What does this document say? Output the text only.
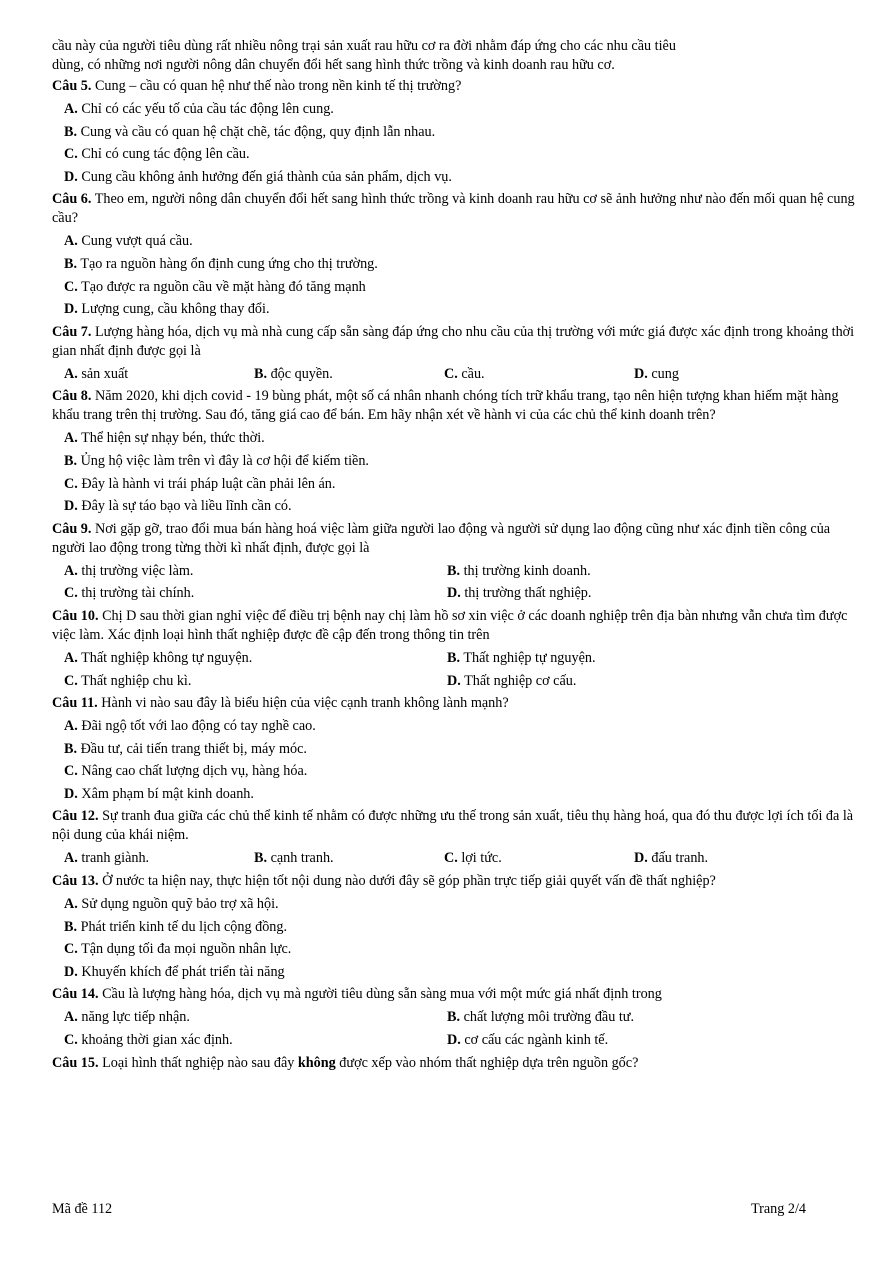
cầu này của người tiêu dùng rất nhiều nông trại sản xuất rau hữu cơ ra đời nhằm đáp ứng cho các nhu cầu tiêu

dùng, có những nơi người nông dân chuyển đổi hết sang hình thức trồng và kinh doanh rau hữu cơ.

Câu 5. Cung – cầu có quan hệ như thế nào trong nền kinh tế thị trường?

A. Chỉ có các yếu tố của cầu tác động lên cung.

B. Cung và cầu có quan hệ chặt chẽ, tác động, quy định lẫn nhau.

C. Chỉ có cung tác động lên cầu.

D. Cung cầu không ảnh hưởng đến giá thành của sản phẩm, dịch vụ.

Câu 6. Theo em, người nông dân chuyển đổi hết sang hình thức trồng và kinh doanh rau hữu cơ sẽ ảnh hưởng như nào đến mối quan hệ cung cầu?

A. Cung vượt quá cầu.

B. Tạo ra nguồn hàng ổn định cung ứng cho thị trường.

C. Tạo được ra nguồn cầu về mặt hàng đó tăng mạnh

D. Lượng cung, cầu không thay đổi.

Câu 7. Lượng hàng hóa, dịch vụ mà nhà cung cấp sẵn sàng đáp ứng cho nhu cầu của thị trường với mức giá được xác định trong khoảng thời gian nhất định được gọi là

A. sản xuất	B. độc quyền.	C. cầu.	D. cung

Câu 8. Năm 2020, khi dịch covid - 19 bùng phát, một số cá nhân nhanh chóng tích trữ khẩu trang, tạo nên hiện tượng khan hiếm mặt hàng khẩu trang trên thị trường. Sau đó, tăng giá cao để bán. Em hãy nhận xét về hành vi của các chủ thể kinh doanh trên?

A. Thể hiện sự nhạy bén, thức thời.

B. Ủng hộ việc làm trên vì đây là cơ hội để kiếm tiền.

C. Đây là hành vi trái pháp luật cần phải lên án.

D. Đây là sự táo bạo và liều lĩnh cần có.

Câu 9. Nơi gặp gỡ, trao đổi mua bán hàng hoá việc làm giữa người lao động và người sử dụng lao động cũng như xác định tiền công của người lao động trong từng thời kì nhất định, được gọi là

A. thị trường việc làm.	B. thị trường kinh doanh.
C. thị trường tài chính.	D. thị trường thất nghiệp.

Câu 10. Chị D sau thời gian nghỉ việc để điều trị bệnh nay chị làm hồ sơ xin việc ở các doanh nghiệp trên địa bàn nhưng vẫn chưa tìm được việc làm. Xác định loại hình thất nghiệp được đề cập đến trong thông tin trên

A. Thất nghiệp không tự nguyện.	B. Thất nghiệp tự nguyện.
C. Thất nghiệp chu kì.	D. Thất nghiệp cơ cấu.

Câu 11. Hành vi nào sau đây là biểu hiện của việc cạnh tranh không lành mạnh?

A. Đãi ngộ tốt với lao động có tay nghề cao.

B. Đầu tư, cải tiến trang thiết bị, máy móc.

C. Nâng cao chất lượng dịch vụ, hàng hóa.

D. Xâm phạm bí mật kinh doanh.

Câu 12. Sự tranh đua giữa các chủ thể kinh tế nhằm có được những ưu thế trong sản xuất, tiêu thụ hàng hoá, qua đó thu được lợi ích tối đa là nội dung của khái niệm.

A. tranh giành.	B. cạnh tranh.	C. lợi tức.	D. đấu tranh.

Câu 13. Ở nước ta hiện nay, thực hiện tốt nội dung nào dưới đây sẽ góp phần trực tiếp giải quyết vấn đề thất nghiệp?

A. Sử dụng nguồn quỹ bảo trợ xã hội.

B. Phát triển kinh tế du lịch cộng đồng.

C. Tận dụng tối đa mọi nguồn nhân lực.

D. Khuyến khích để phát triển tài năng

Câu 14. Cầu là lượng hàng hóa, dịch vụ mà người tiêu dùng sẵn sàng mua với một mức giá nhất định trong

A. năng lực tiếp nhận.	B. chất lượng môi trường đầu tư.
C. khoảng thời gian xác định.	D. cơ cấu các ngành kinh tế.

Câu 15. Loại hình thất nghiệp nào sau đây không được xếp vào nhóm thất nghiệp dựa trên nguồn gốc?

Mã đề 112	Trang 2/4
